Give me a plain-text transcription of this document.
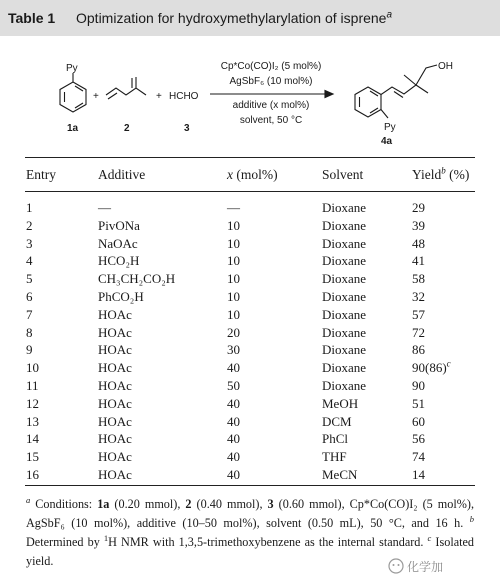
Table 1 Optimization for hydroxymethylarylation of isprene$^a$
Py
1a
+
2
+ HCHO
3
Cp*Co(CO)I₂ (5 mol%)
AgSbF₆ (10 mol%)
additive (x mol%)
solvent, 50 °C
OH
Py
4a
Entry	Additive	x (mol%)	Solvent	Yield$^b$ (%)
1	—	—	Dioxane	29
2	PivONa	10	Dioxane	39
3	NaOAc	10	Dioxane	48
4	HCO₂H	10	Dioxane	41
5	CH₃CH₂CO₂H	10	Dioxane	58
6	PhCO₂H	10	Dioxane	32
7	HOAc	10	Dioxane	57
8	HOAc	20	Dioxane	72
9	HOAc	30	Dioxane	86
10	HOAc	40	Dioxane	$90(86)^c$
11	HOAc	50	Dioxane	90
12	HOAc	40	MeOH	51
13	HOAc	40	DCM	60
14	HOAc	40	PhCl	56
15	HOAc	40	THF	74
16	HOAc	40	MeCN	14
$^a$ Conditions: 1a (0.20 mmol), 2 (0.40 mmol), 3 (0.60 mmol), Cp*Co(CO)I₂ (5 mol%), AgSbF₆ (10 mol%), additive (10–50 mol%), solvent (0.50 mL), 50 °C, and 16 h. $^b$ Determined by $^1$H NMR with 1,3,5-trimethoxybenzene as the internal standard. $^c$ Isolated yield.	化学加
